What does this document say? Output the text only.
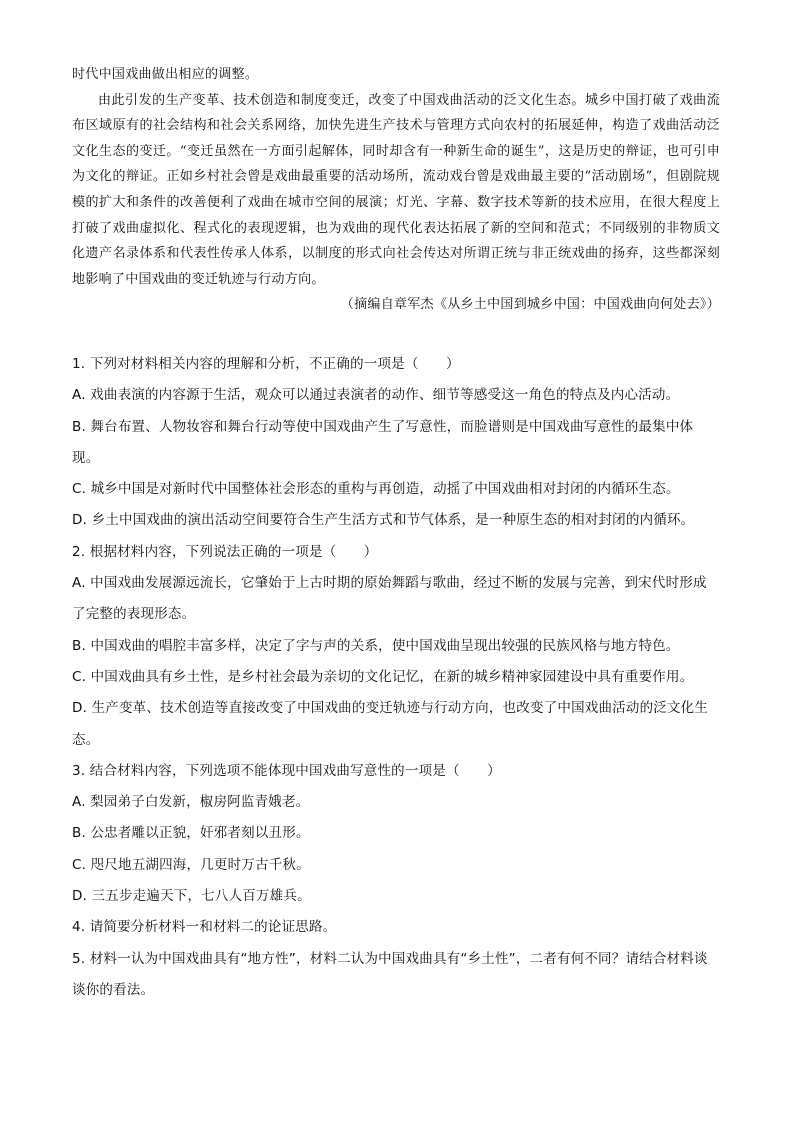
时代中国戏曲做出相应的调整。

由此引发的生产变革、技术创造和制度变迁，改变了中国戏曲活动的泛文化生态。城乡中国打破了戏曲流布区域原有的社会结构和社会关系网络，加快先进生产技术与管理方式向农村的拓展延伸，构造了戏曲活动泛文化生态的变迁。“变迁虽然在一方面引起解体，同时却含有一种新生命的诞生”，这是历史的辩证，也可引申为文化的辩证。正如乡村社会曾是戏曲最重要的活动场所，流动戏台曾是戏曲最主要的“活动剧场”，但剧院规模的扩大和条件的改善便利了戏曲在城市空间的展演；灯光、字幕、数字技术等新的技术应用，在很大程度上打破了戏曲虚拟化、程式化的表现逻辑，也为戏曲的现代化表达拓展了新的空间和范式；不同级别的非物质文化遗产名录体系和代表性传承人体系，以制度的形式向社会传达对所谓正统与非正统戏曲的扬弃，这些都深刻地影响了中国戏曲的变迁轨迹与行动方向。

（摘编自章军杰《从乡土中国到城乡中国：中国戏曲向何处去》）

1. 下列对材料相关内容的理解和分析，不正确的一项是（　　）

A. 戏曲表演的内容源于生活，观众可以通过表演者的动作、细节等感受这一角色的特点及内心活动。

B. 舞台布置、人物妆容和舞台行动等使中国戏曲产生了写意性，而脸谱则是中国戏曲写意性的最集中体现。

C. 城乡中国是对新时代中国整体社会形态的重构与再创造，动摇了中国戏曲相对封闭的内循环生态。

D. 乡土中国戏曲的演出活动空间要符合生产生活方式和节气体系，是一种原生态的相对封闭的内循环。

2. 根据材料内容，下列说法正确的一项是（　　）

A. 中国戏曲发展源远流长，它肇始于上古时期的原始舞蹈与歌曲，经过不断的发展与完善，到宋代时形成了完整的表现形态。

B. 中国戏曲的唱腔丰富多样，决定了字与声的关系，使中国戏曲呈现出较强的民族风格与地方特色。

C. 中国戏曲具有乡土性，是乡村社会最为亲切的文化记忆，在新的城乡精神家园建设中具有重要作用。

D. 生产变革、技术创造等直接改变了中国戏曲的变迁轨迹与行动方向，也改变了中国戏曲活动的泛文化生态。

3. 结合材料内容，下列选项不能体现中国戏曲写意性的一项是（　　）

A. 梨园弟子白发新，椒房阿监青娥老。

B. 公忠者雕以正貌，奸邪者刻以丑形。

C. 咫尺地五湖四海，几更时万古千秋。

D. 三五步走遍天下，七八人百万雄兵。

4. 请简要分析材料一和材料二的论证思路。

5. 材料一认为中国戏曲具有“地方性”，材料二认为中国戏曲具有“乡土性”，二者有何不同？请结合材料谈谈你的看法。
